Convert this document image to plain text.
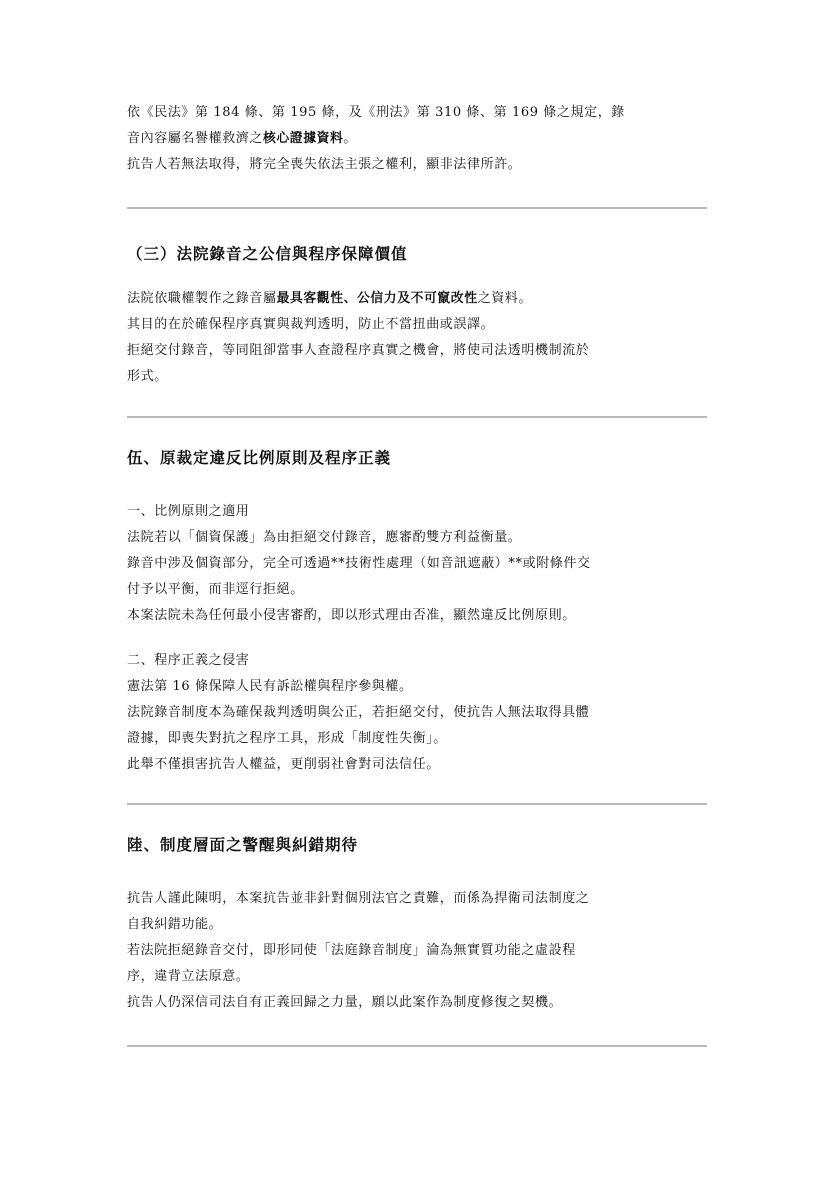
依《民法》第 184 條、第 195 條，及《刑法》第 310 條、第 169 條之規定，錄

音內容屬名譽權救濟之核心證據資料。

抗告人若無法取得，將完全喪失依法主張之權利，顯非法律所許。

（三）法院錄音之公信與程序保障價值

法院依職權製作之錄音屬最具客觀性、公信力及不可竄改性之資料。

其目的在於確保程序真實與裁判透明，防止不當扭曲或誤譯。

拒絕交付錄音，等同阻卻當事人查證程序真實之機會，將使司法透明機制流於

形式。

伍、原裁定違反比例原則及程序正義

一、比例原則之適用

法院若以「個資保護」為由拒絕交付錄音，應審酌雙方利益衡量。

錄音中涉及個資部分，完全可透過**技術性處理（如音訊遮蔽）**或附條件交

付予以平衡，而非逕行拒絕。

本案法院未為任何最小侵害審酌，即以形式理由否准，顯然違反比例原則。

二、程序正義之侵害

憲法第 16 條保障人民有訴訟權與程序參與權。

法院錄音制度本為確保裁判透明與公正，若拒絕交付，使抗告人無法取得具體

證據，即喪失對抗之程序工具，形成「制度性失衡」。

此舉不僅損害抗告人權益，更削弱社會對司法信任。

陸、制度層面之警醒與糾錯期待

抗告人謹此陳明，本案抗告並非針對個別法官之責難，而係為捍衛司法制度之

自我糾錯功能。

若法院拒絕錄音交付，即形同使「法庭錄音制度」淪為無實質功能之虛設程

序，違背立法原意。

抗告人仍深信司法自有正義回歸之力量，願以此案作為制度修復之契機。
